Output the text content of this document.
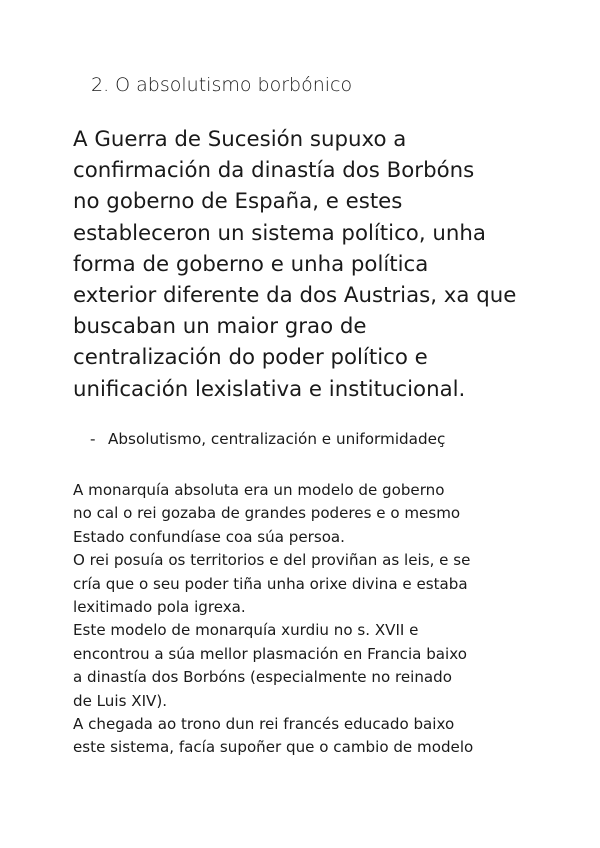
2. O absolutismo borbónico

A Guerra de Sucesión supuxo a
confirmación da dinastía dos Borbóns
no goberno de España, e estes
estableceron un sistema político, unha
forma de goberno e unha política
exterior diferente da dos Austrias, xa que
buscaban un maior grao de
centralización do poder político e
unificación lexislativa e institucional.

- Absolutismo, centralización e uniformidadeç
A monarquía absoluta era un modelo de goberno
no cal o rei gozaba de grandes poderes e o mesmo
Estado confundíase coa súa persoa.
O rei posuía os territorios e del proviñan as leis, e se
cría que o seu poder tiña unha orixe divina e estaba
lexitimado pola igrexa.
Este modelo de monarquía xurdiu no s. XVII e
encontrou a súa mellor plasmación en Francia baixo
a dinastía dos Borbóns (especialmente no reinado
de Luis XIV).
A chegada ao trono dun rei francés educado baixo
este sistema, facía supoñer que o cambio de modelo
